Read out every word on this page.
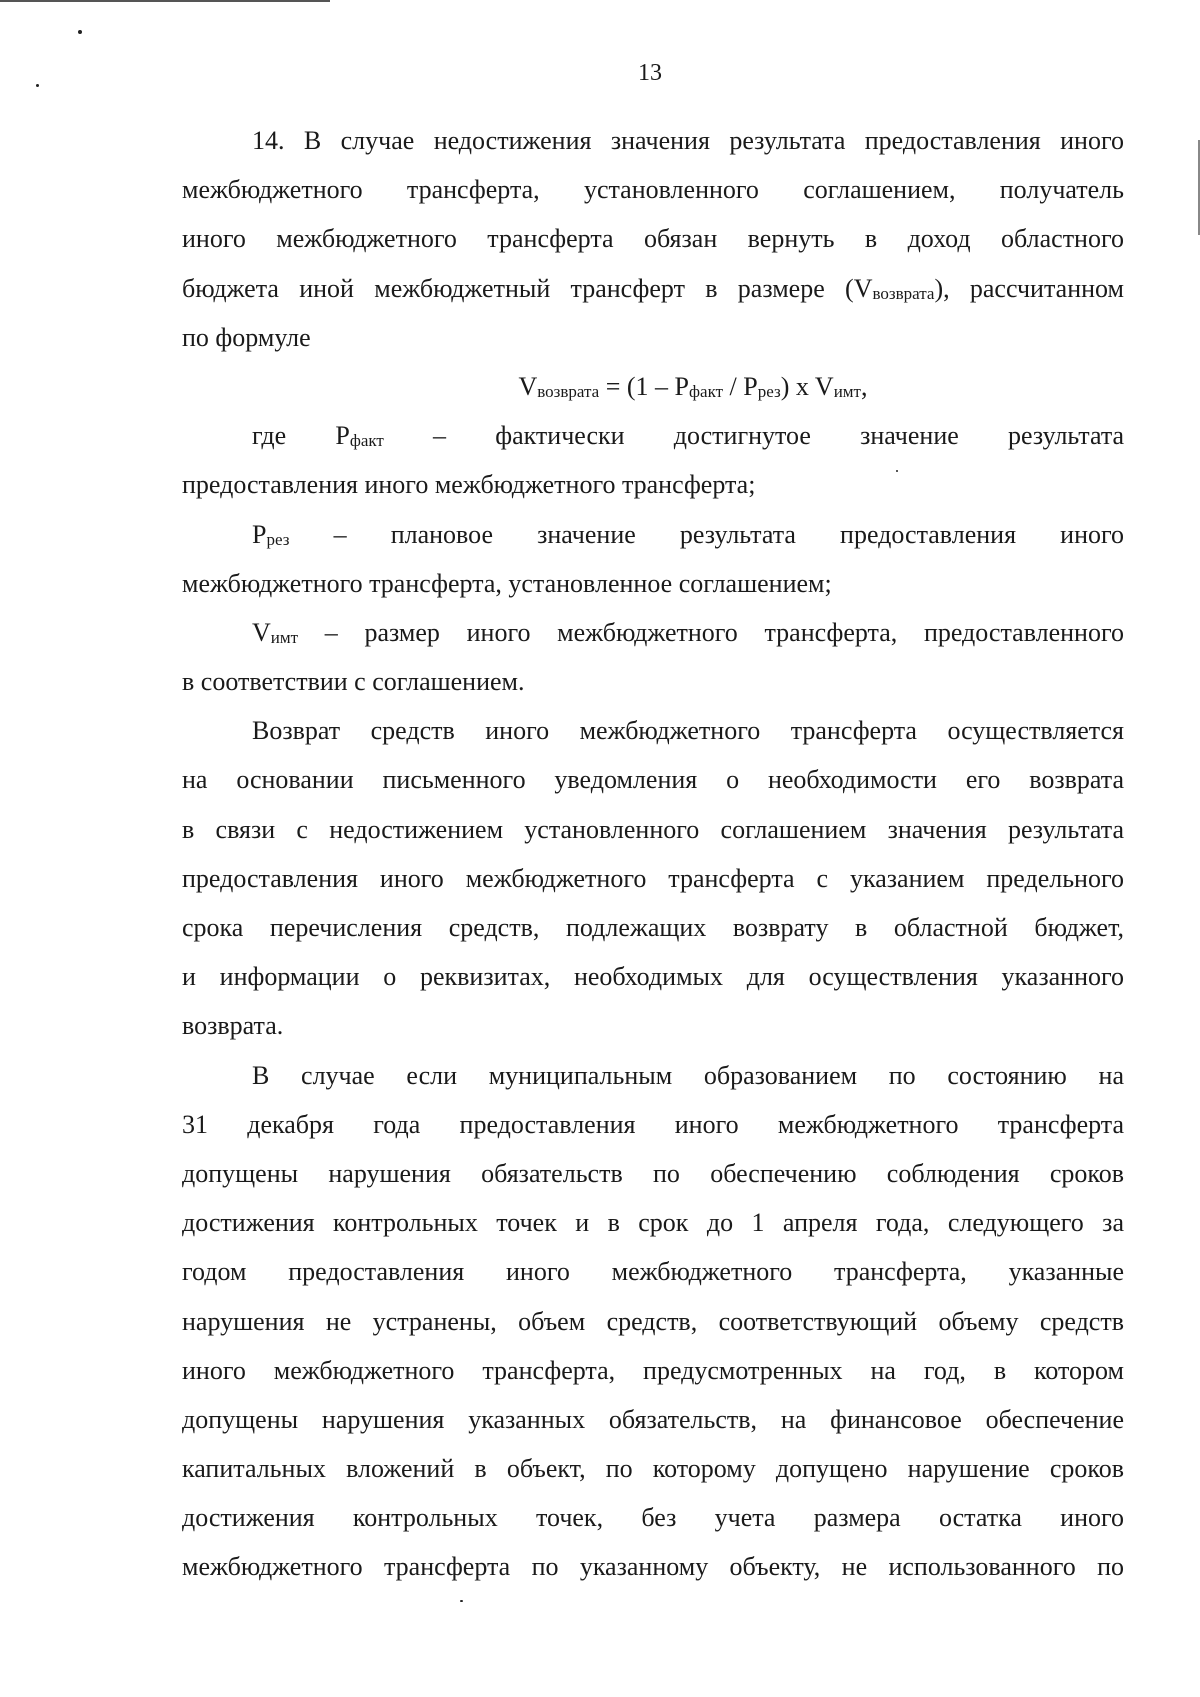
13
14. В случае недостижения значения результата предоставления иного
межбюджетного трансферта, установленного соглашением, получатель
иного межбюджетного трансферта обязан вернуть в доход областного
бюджета иной межбюджетный трансферт в размере $(V_{возврата})$, рассчитанном
по формуле
$V_{возврата} = (1 - Р_{факт} / Р_{рез})$ x $V_{имт}$,
где $Р_{факт}$ – фактически достигнутое значение результата
предоставления иного межбюджетного трансферта;
$Р_{рез}$ – плановое значение результата предоставления иного
межбюджетного трансферта, установленное соглашением;
$V_{имт}$ – размер иного межбюджетного трансферта, предоставленного
в соответствии с соглашением.
Возврат средств иного межбюджетного трансферта осуществляется
на основании письменного уведомления о необходимости его возврата
в связи с недостижением установленного соглашением значения результата
предоставления иного межбюджетного трансферта с указанием предельного
срока перечисления средств, подлежащих возврату в областной бюджет,
и информации о реквизитах, необходимых для осуществления указанного
возврата.
В случае если муниципальным образованием по состоянию на
31 декабря года предоставления иного межбюджетного трансферта
допущены нарушения обязательств по обеспечению соблюдения сроков
достижения контрольных точек и в срок до 1 апреля года, следующего за
годом предоставления иного межбюджетного трансферта, указанные
нарушения не устранены, объем средств, соответствующий объему средств
иного межбюджетного трансферта, предусмотренных на год, в котором
допущены нарушения указанных обязательств, на финансовое обеспечение
капитальных вложений в объект, по которому допущено нарушение сроков
достижения контрольных точек, без учета размера остатка иного
межбюджетного трансферта по указанному объекту, не использованного по
